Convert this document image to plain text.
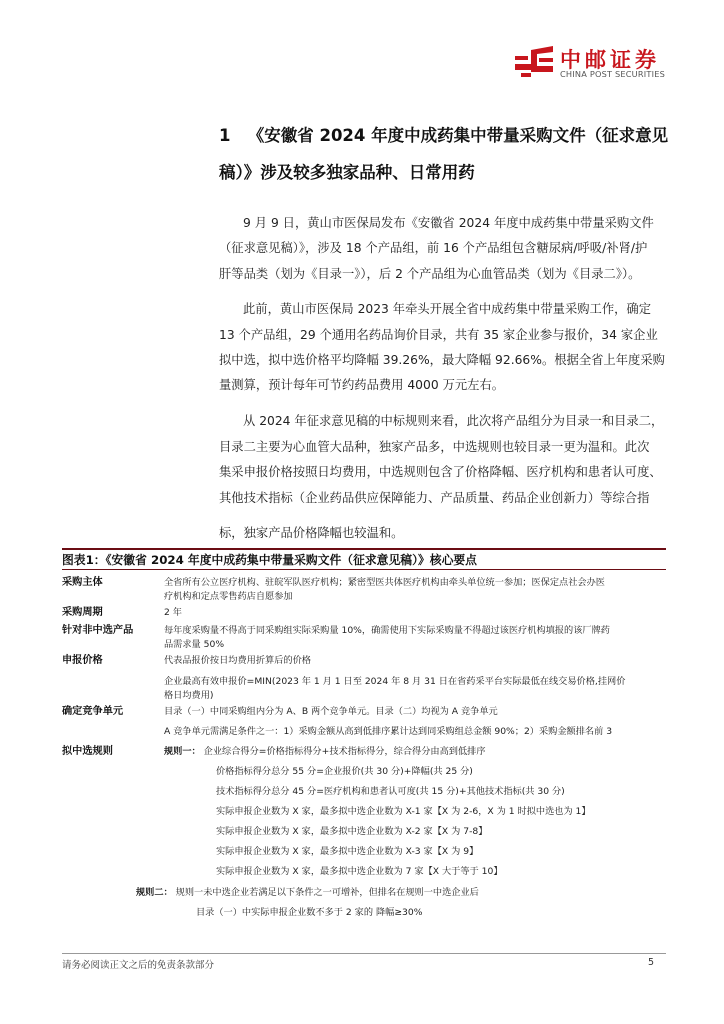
中邮证券
CHINA POST SECURITIES
1 《安徽省 2024 年度中成药集中带量采购文件（征求意见
稿）》涉及较多独家品种、日常用药
9 月 9 日，黄山市医保局发布《安徽省 2024 年度中成药集中带量采购文件
（征求意见稿）》，涉及 18 个产品组，前 16 个产品组包含糖尿病/呼吸/补肾/护
肝等品类（划为《目录一》），后 2 个产品组为心血管品类（划为《目录二》）。
此前，黄山市医保局 2023 年牵头开展全省中成药集中带量采购工作，确定
13 个产品组，29 个通用名药品询价目录，共有 35 家企业参与报价，34 家企业
拟中选，拟中选价格平均降幅 39.26%，最大降幅 92.66%。根据全省上年度采购
量测算，预计每年可节约药品费用 4000 万元左右。
从 2024 年征求意见稿的中标规则来看，此次将产品组分为目录一和目录二，
目录二主要为心血管大品种，独家产品多，中选规则也较目录一更为温和。此次
集采申报价格按照日均费用，中选规则包含了价格降幅、医疗机构和患者认可度、
其他技术指标（企业药品供应保障能力、产品质量、药品企业创新力）等综合指
标，独家产品价格降幅也较温和。
图表1：《安徽省 2024 年度中成药集中带量采购文件（征求意见稿）》核心要点
采购主体	全省所有公立医疗机构、驻皖军队医疗机构；紧密型医共体医疗机构由牵头单位统一参加；医保定点社会办医
疗机构和定点零售药店自愿参加
采购周期	2 年
针对非中选产品	每年度采购量不得高于同采购组实际采购量 10%，确需使用下实际采购量不得超过该医疗机构填报的该厂牌药
品需求量 50%
申报价格	代表品报价按日均费用折算后的价格
企业最高有效申报价=MIN(2023 年 1 月 1 日至 2024 年 8 月 31 日在省药采平台实际最低在线交易价格,挂网价
格日均费用)
确定竞争单元	目录（一）中同采购组内分为 A、B 两个竞争单元。目录（二）均视为 A 竞争单元
A 竞争单元需满足条件之一：1）采购金额从高到低排序累计达到同采购组总金额 90%；2）采购金额排名前 3
拟中选规则	规则一： 企业综合得分=价格指标得分+技术指标得分，综合得分由高到低排序
价格指标得分总分 55 分=企业报价(共 30 分)+降幅(共 25 分)
技术指标得分总分 45 分=医疗机构和患者认可度(共 15 分)+其他技术指标(共 30 分)
实际申报企业数为 X 家，最多拟中选企业数为 X-1 家【X 为 2-6，X 为 1 时拟中选也为 1】
实际申报企业数为 X 家，最多拟中选企业数为 X-2 家【X 为 7-8】
实际申报企业数为 X 家，最多拟中选企业数为 X-3 家【X 为 9】
实际申报企业数为 X 家，最多拟中选企业数为 7 家【X 大于等于 10】
规则二： 规则一未中选企业若满足以下条件之一可增补，但排名在规则一中选企业后
目录（一）中实际申报企业数不多于 2 家的 降幅≥30%
请务必阅读正文之后的免责条款部分	5
